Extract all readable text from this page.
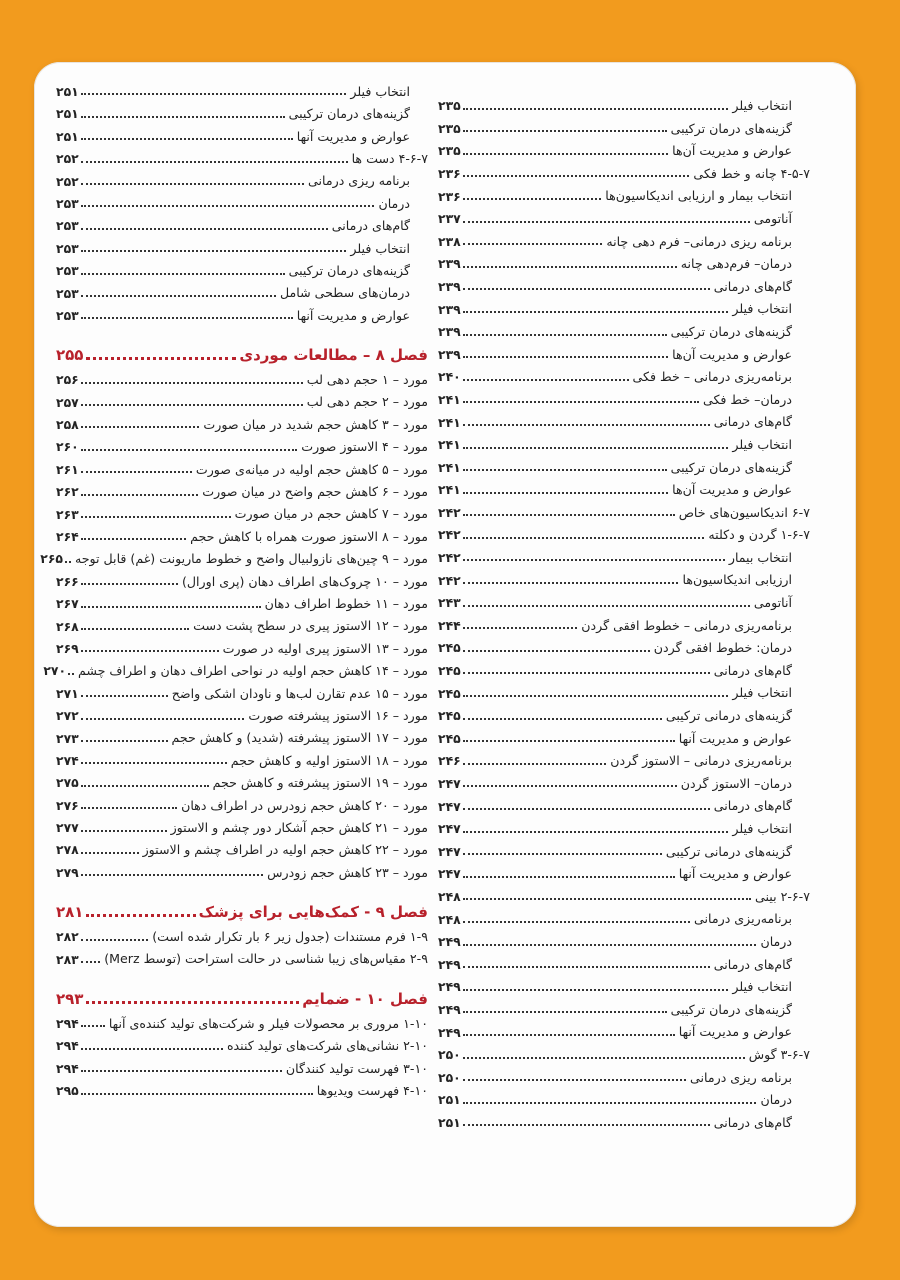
انتخاب فیلر
۲۳۵
گزینه‌های درمان ترکیبی
۲۳۵
عوارض و مدیریت آن‌ها
۲۳۵
۴-۵-۷ چانه و خط فکی
۲۳۶
انتخاب بیمار و ارزیابی اندیکاسیون‌ها
۲۳۶
آناتومی
۲۳۷
برنامه ریزی درمانی– فرم دهی چانه
۲۳۸
درمان– فرم‌دهی چانه
۲۳۹
گام‌های درمانی
۲۳۹
انتخاب فیلر
۲۳۹
گزینه‌های درمان ترکیبی
۲۳۹
عوارض و مدیریت آن‌ها
۲۳۹
برنامه‌ریزی درمانی – خط فکی
۲۴۰
درمان– خط فکی
۲۴۱
گام‌های درمانی
۲۴۱
انتخاب فیلر
۲۴۱
گزینه‌های درمان ترکیبی
۲۴۱
عوارض و مدیریت آن‌ها
۲۴۱
۶-۷ اندیکاسیون‌های خاص
۲۴۲
۱-۶-۷ گردن و دکلته
۲۴۲
انتخاب بیمار
۲۴۲
ارزیابی اندیکاسیون‌ها
۲۴۲
آناتومی
۲۴۳
برنامه‌ریزی درمانی – خطوط افقی گردن
۲۴۴
درمان: خطوط افقی گردن
۲۴۵
گام‌های درمانی
۲۴۵
انتخاب فیلر
۲۴۵
گزینه‌های درمانی ترکیبی
۲۴۵
عوارض و مدیریت آنها
۲۴۵
برنامه‌ریزی درمانی – الاستوز گردن
۲۴۶
درمان– الاستوز گردن
۲۴۷
گام‌های درمانی
۲۴۷
انتخاب فیلر
۲۴۷
گزینه‌های درمانی ترکیبی
۲۴۷
عوارض و مدیریت آنها
۲۴۷
۲-۶-۷ بینی
۲۴۸
برنامه‌ریزی درمانی
۲۴۸
درمان
۲۴۹
گام‌های درمانی
۲۴۹
انتخاب فیلر
۲۴۹
گزینه‌های درمان ترکیبی
۲۴۹
عوارض و مدیریت آنها
۲۴۹
۳-۶-۷ گوش
۲۵۰
برنامه ریزی درمانی
۲۵۰
درمان
۲۵۱
گام‌های درمانی
۲۵۱
انتخاب فیلر
۲۵۱
گزینه‌های درمان ترکیبی
۲۵۱
عوارض و مدیریت آنها
۲۵۱
۴-۶-۷ دست ها
۲۵۲
برنامه ریزی درمانی
۲۵۲
درمان
۲۵۳
گام‌های درمانی
۲۵۳
انتخاب فیلر
۲۵۳
گزینه‌های درمان ترکیبی
۲۵۳
درمان‌های سطحی شامل
۲۵۳
عوارض و مدیریت آنها
۲۵۳
فصل ۸ – مطالعات موردی
۲۵۵
مورد – ۱ حجم دهی لب
۲۵۶
مورد – ۲ حجم دهی لب
۲۵۷
مورد – ۳ کاهش حجم شدید در میان صورت
۲۵۸
مورد – ۴ الاستوز صورت
۲۶۰
مورد – ۵ کاهش حجم اولیه در میانه‌ی صورت
۲۶۱
مورد – ۶ کاهش حجم واضح در میان صورت
۲۶۲
مورد – ۷ کاهش حجم در میان صورت
۲۶۳
مورد – ۸ الاستوز صورت همراه با کاهش حجم
۲۶۴
مورد – ۹ چین‌های نازولبیال واضح و خطوط ماریونت (غم) قابل توجه
۲۶۵
مورد – ۱۰ چروک‌های اطراف دهان (پری اورال)
۲۶۶
مورد – ۱۱ خطوط اطراف دهان
۲۶۷
مورد – ۱۲ الاستوز پیری در سطح پشت دست
۲۶۸
مورد – ۱۳ الاستوز پیری اولیه در صورت
۲۶۹
مورد – ۱۴ کاهش حجم اولیه در نواحی اطراف دهان و اطراف چشم
۲۷۰
مورد – ۱۵ عدم تقارن لب‌ها و ناودان اشکی واضح
۲۷۱
مورد – ۱۶ الاستوز پیشرفته صورت
۲۷۲
مورد – ۱۷ الاستوز پیشرفته (شدید) و کاهش حجم
۲۷۳
مورد – ۱۸ الاستوز اولیه و کاهش حجم
۲۷۴
مورد – ۱۹ الاستوز پیشرفته و کاهش حجم
۲۷۵
مورد – ۲۰ کاهش حجم زودرس در اطراف دهان
۲۷۶
مورد – ۲۱ کاهش حجم آشکار دور چشم و الاستوز
۲۷۷
مورد – ۲۲ کاهش حجم اولیه در اطراف چشم و الاستوز
۲۷۸
مورد – ۲۳ کاهش حجم زودرس
۲۷۹
فصل ۹ - کمک‌هایی برای پزشک
۲۸۱
۱-۹ فرم مستندات (جدول زیر ۶ بار تکرار شده است)
۲۸۲
۲-۹ مقیاس‌های زیبا شناسی در حالت استراحت (توسط Merz)
۲۸۳
فصل ۱۰ - ضمایم
۲۹۳
۱-۱۰ مروری بر محصولات فیلر و شرکت‌های تولید کننده‌ی آنها
۲۹۴
۲-۱۰ نشانی‌های شرکت‌های تولید کننده
۲۹۴
۳-۱۰ فهرست تولید کنندگان
۲۹۴
۴-۱۰ فهرست ویدیوها
۲۹۵
